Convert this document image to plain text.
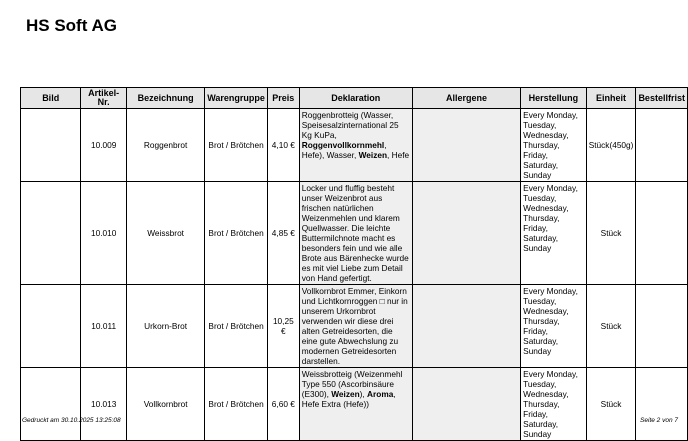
HS Soft AG
Bild	Artikel-Nr.	Bezeichnung	Warengruppe	Preis	Deklaration	Allergene	Herstellung	Einheit	Bestellfrist
	10.009	Roggenbrot	Brot / Brötchen	4,10 €	Roggenbrotteig (Wasser, Speisesalzinternational 25 Kg KuPa, Roggenvollkornmehl, Hefe), Wasser, Weizen, Hefe		Every Monday, Tuesday, Wednesday, Thursday, Friday, Saturday, Sunday	Stück(450g)	
	10.010	Weissbrot	Brot / Brötchen	4,85 €	Locker und fluffig besteht unser Weizenbrot aus frischen natürlichen Weizenmehlen und klarem Quellwasser. Die leichte Buttermilchnote macht es besonders fein und wie alle Brote aus Bärenhecke wurde es mit viel Liebe zum Detail von Hand gefertigt.		Every Monday, Tuesday, Wednesday, Thursday, Friday, Saturday, Sunday	Stück	
	10.011	Urkorn-Brot	Brot / Brötchen	10,25 €	Vollkornbrot Emmer, Einkorn und Lichtkornroggen □ nur in unserem Urkornbrot verwenden wir diese drei alten Getreidesorten, die eine gute Abwechslung zu modernen Getreidesorten darstellen.		Every Monday, Tuesday, Wednesday, Thursday, Friday, Saturday, Sunday	Stück	
	10.013	Vollkornbrot	Brot / Brötchen	6,60 €	Weissbrotteig (Weizenmehl Type 550 (Ascorbinsäure (E300), Weizen), Aroma, Hefe Extra (Hefe))		Every Monday, Tuesday, Wednesday, Thursday, Friday, Saturday, Sunday	Stück	
Gedruckt am 30.10.2025 13:25:08	Seite 2 von 7
